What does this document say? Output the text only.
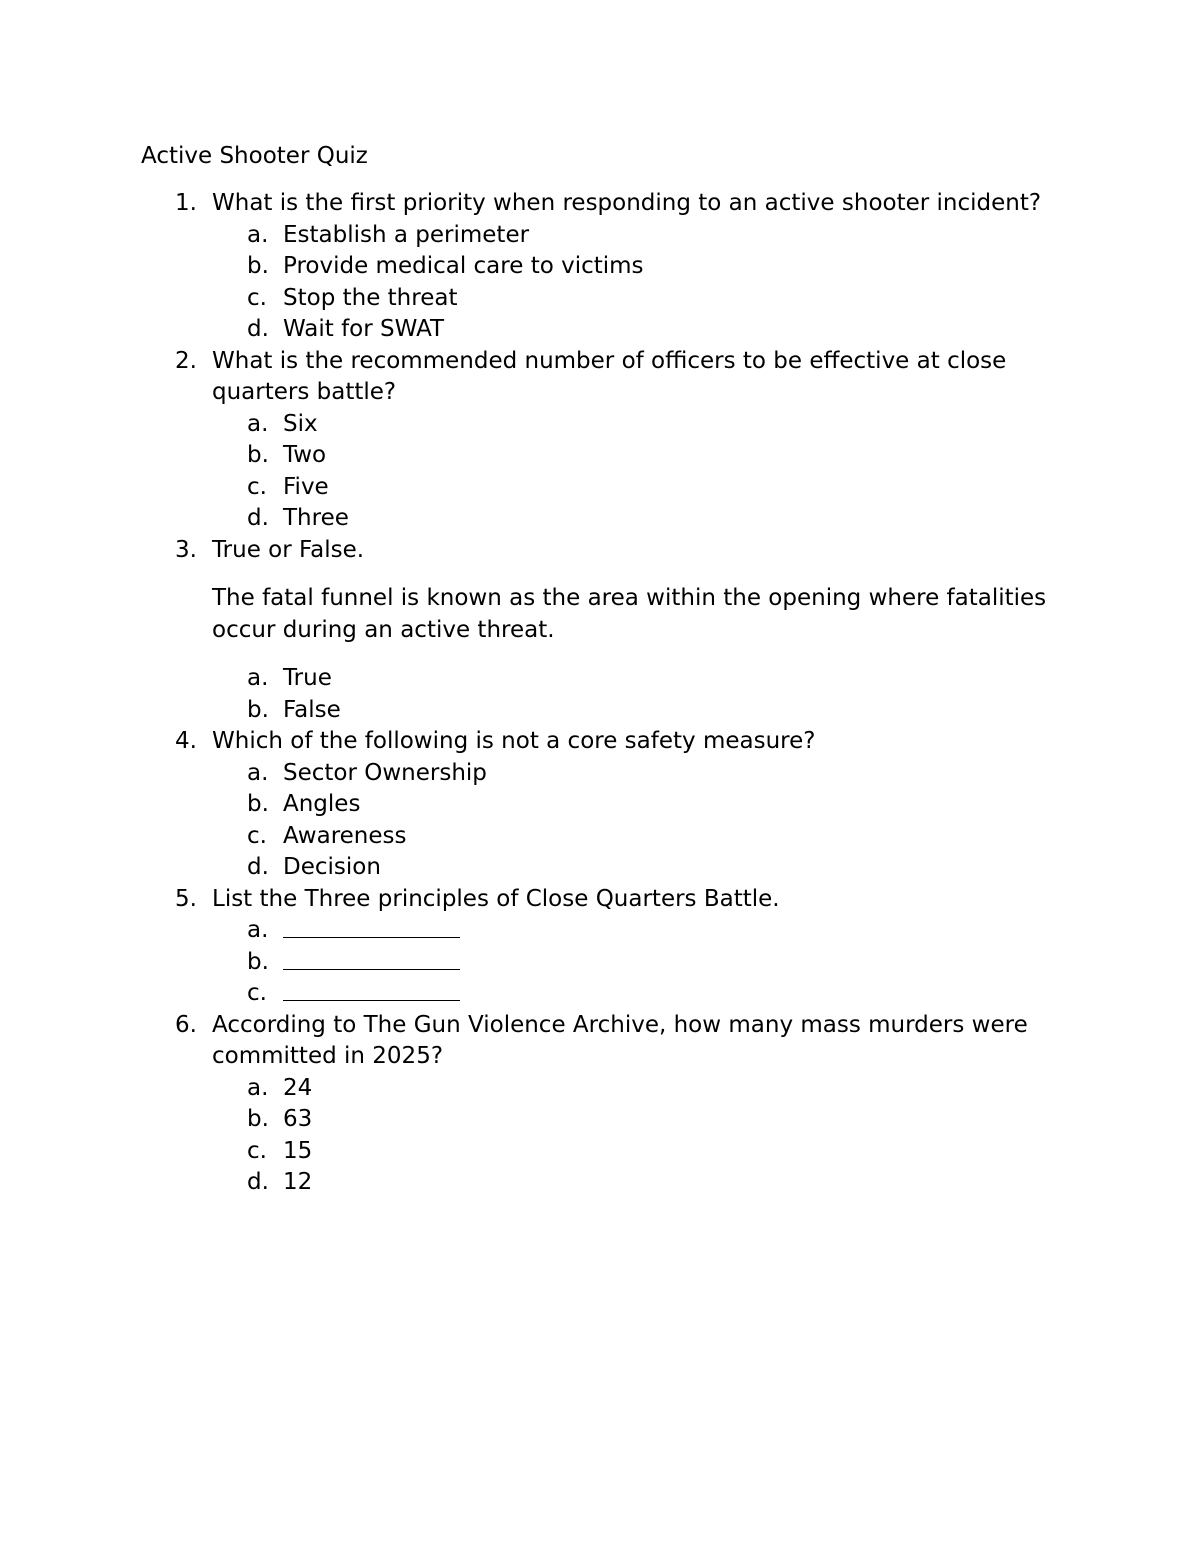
Active Shooter Quiz
1. What is the first priority when responding to an active shooter incident?
a. Establish a perimeter
b. Provide medical care to victims
c. Stop the threat
d. Wait for SWAT
2. What is the recommended number of officers to be effective at close quarters battle?
a. Six
b. Two
c. Five
d. Three
3. True or False.
The fatal funnel is known as the area within the opening where fatalities occur during an active threat.
a. True
b. False
4. Which of the following is not a core safety measure?
a. Sector Ownership
b. Angles
c. Awareness
d. Decision
5. List the Three principles of Close Quarters Battle.
a.
b.
c.
6. According to The Gun Violence Archive, how many mass murders were committed in 2025?
a. 24
b. 63
c. 15
d. 12
